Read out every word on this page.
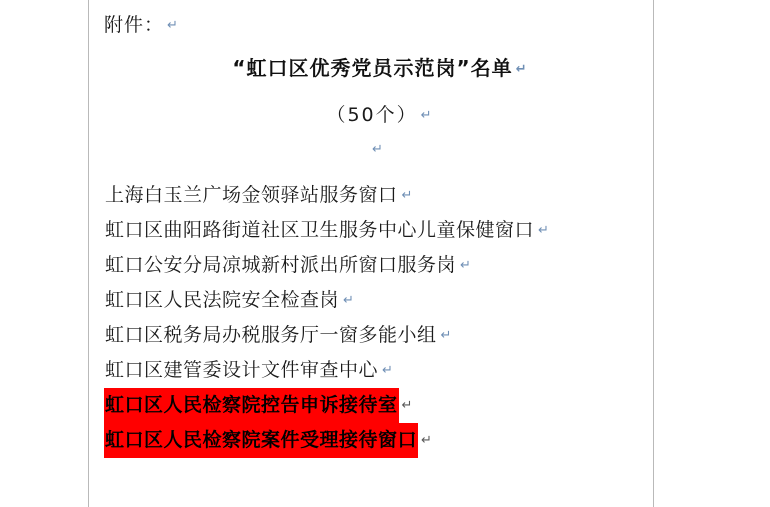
附件： ↵
“虹口区优秀党员示范岗”名单 ↵
（50个） ↵
↵
上海白玉兰广场金领驿站服务窗口 ↵
虹口区曲阳路街道社区卫生服务中心儿童保健窗口 ↵
虹口公安分局凉城新村派出所窗口服务岗 ↵
虹口区人民法院安全检查岗 ↵
虹口区税务局办税服务厅一窗多能小组 ↵
虹口区建管委设计文件审查中心 ↵
虹口区人民检察院控告申诉接待室 ↵
虹口区人民检察院案件受理接待窗口 ↵
